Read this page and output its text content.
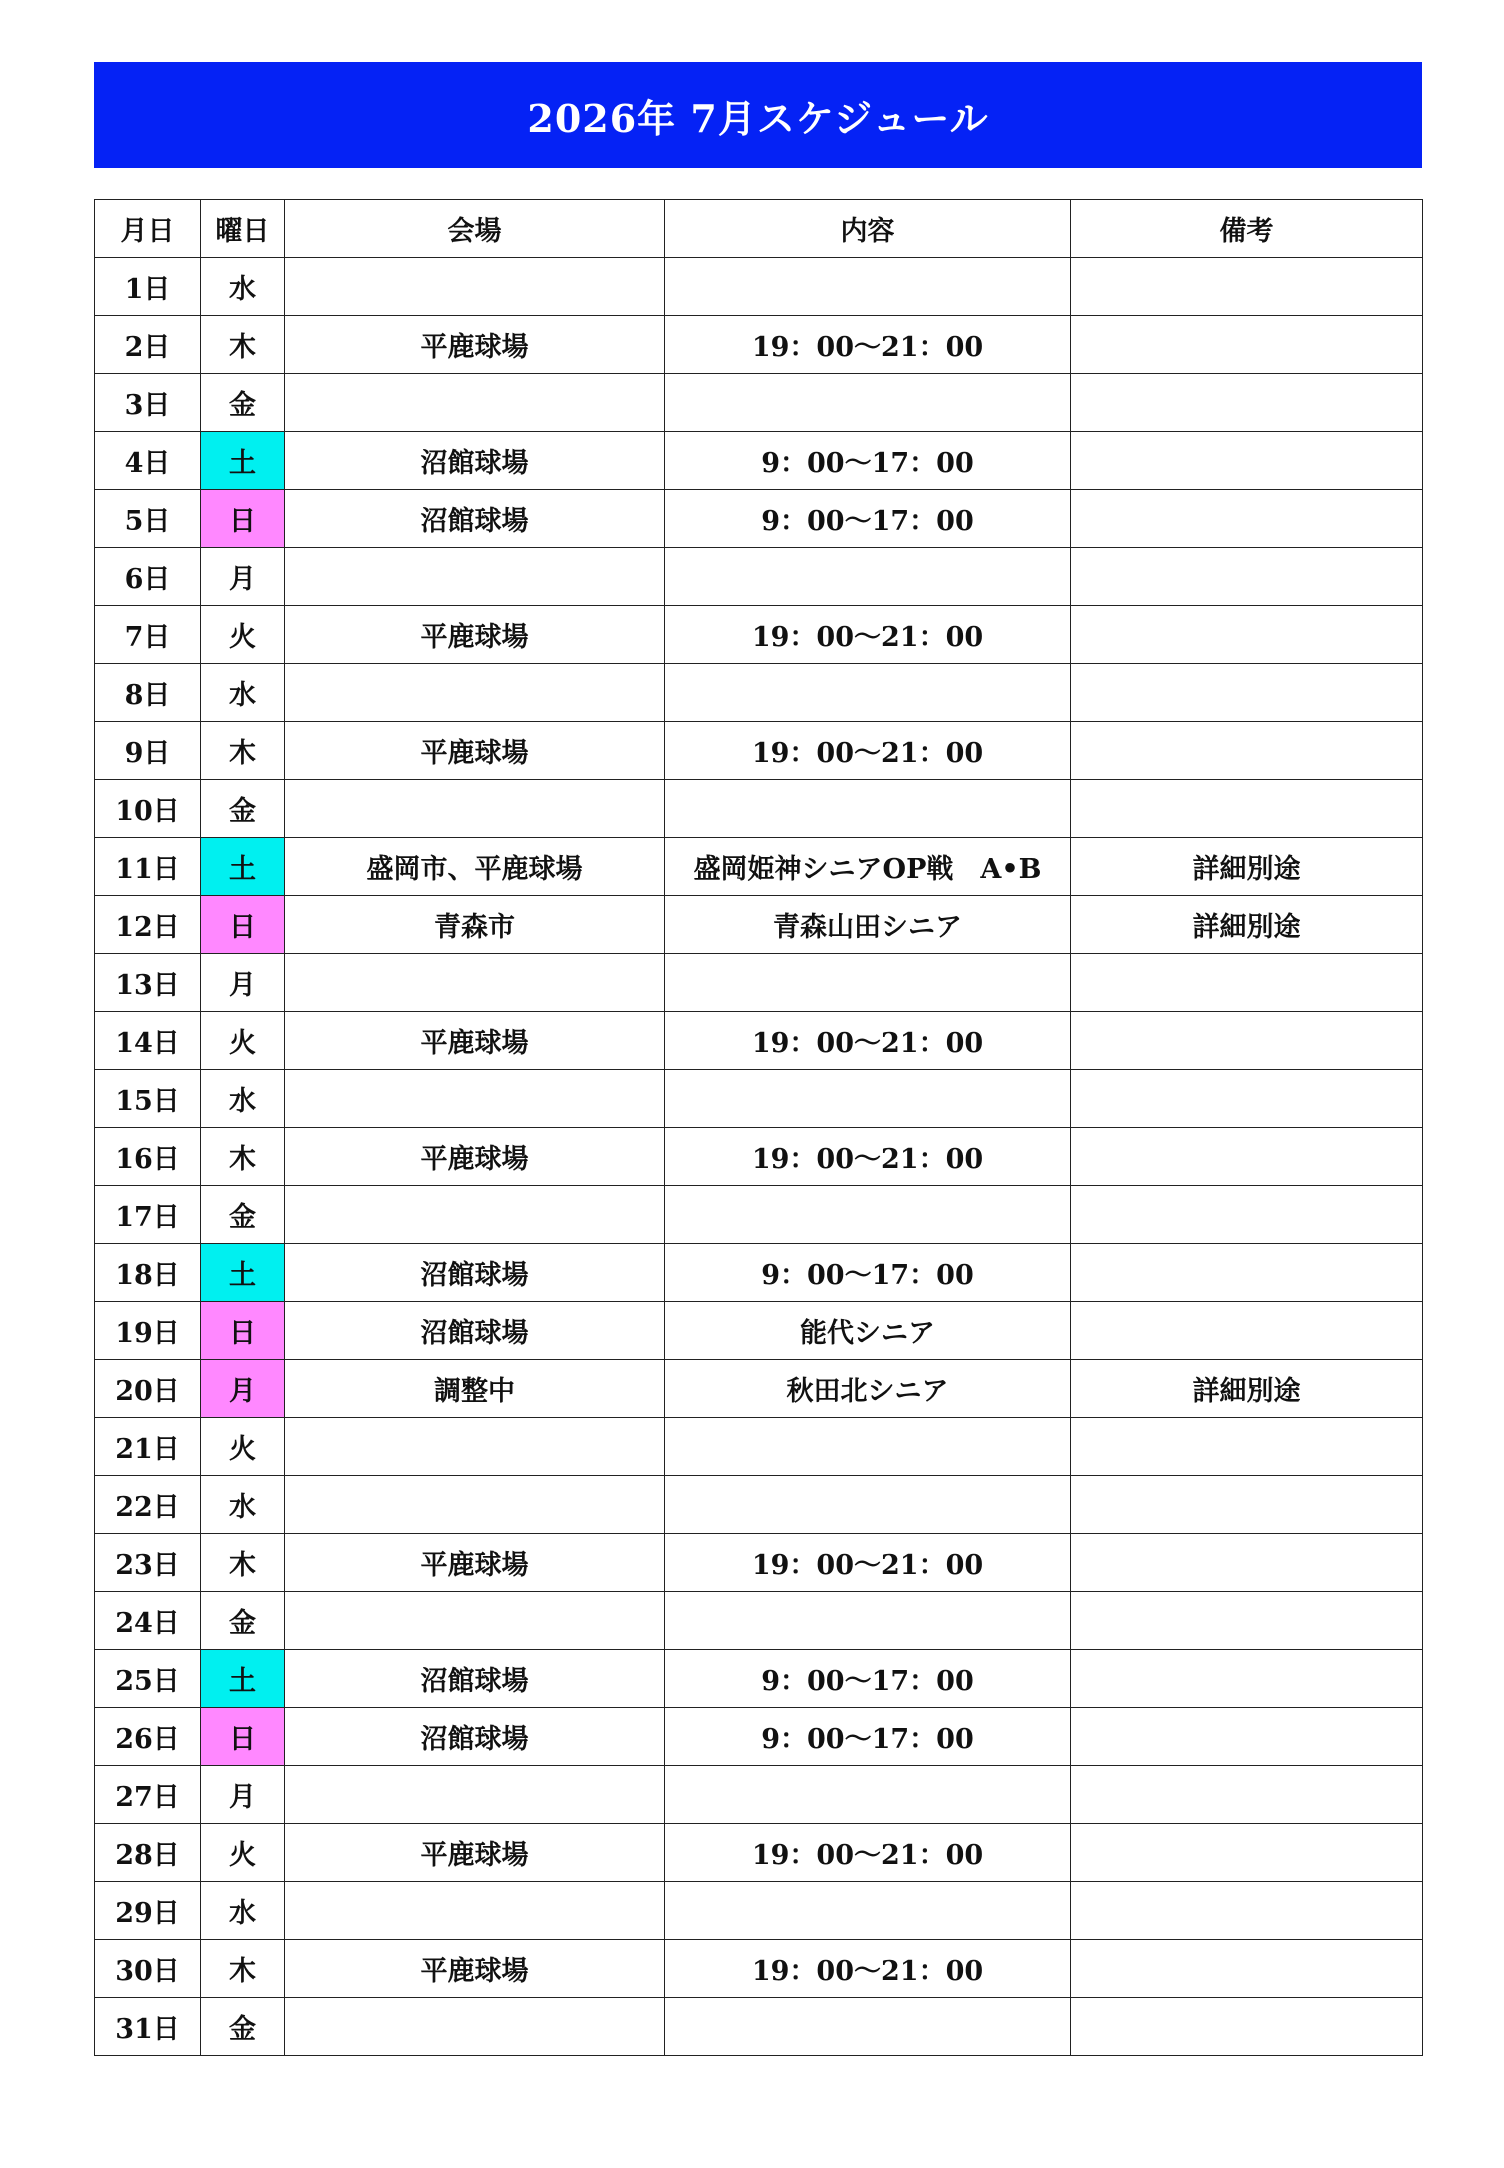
2026年 7月スケジュール
月日	曜日	会場	内容	備考
1日	水			
2日	木	平鹿球場	19：00～21：00	
3日	金			
4日	土	沼館球場	9：00～17：00	
5日	日	沼館球場	9：00～17：00	
6日	月			
7日	火	平鹿球場	19：00～21：00	
8日	水			
9日	木	平鹿球場	19：00～21：00	
10日	金			
11日	土	盛岡市、平鹿球場	盛岡姫神シニアOP戦　A•B	詳細別途
12日	日	青森市	青森山田シニア	詳細別途
13日	月			
14日	火	平鹿球場	19：00～21：00	
15日	水			
16日	木	平鹿球場	19：00～21：00	
17日	金			
18日	土	沼館球場	9：00～17：00	
19日	日	沼館球場	能代シニア	
20日	月	調整中	秋田北シニア	詳細別途
21日	火			
22日	水			
23日	木	平鹿球場	19：00～21：00	
24日	金			
25日	土	沼館球場	9：00～17：00	
26日	日	沼館球場	9：00～17：00	
27日	月			
28日	火	平鹿球場	19：00～21：00	
29日	水			
30日	木	平鹿球場	19：00～21：00	
31日	金			
